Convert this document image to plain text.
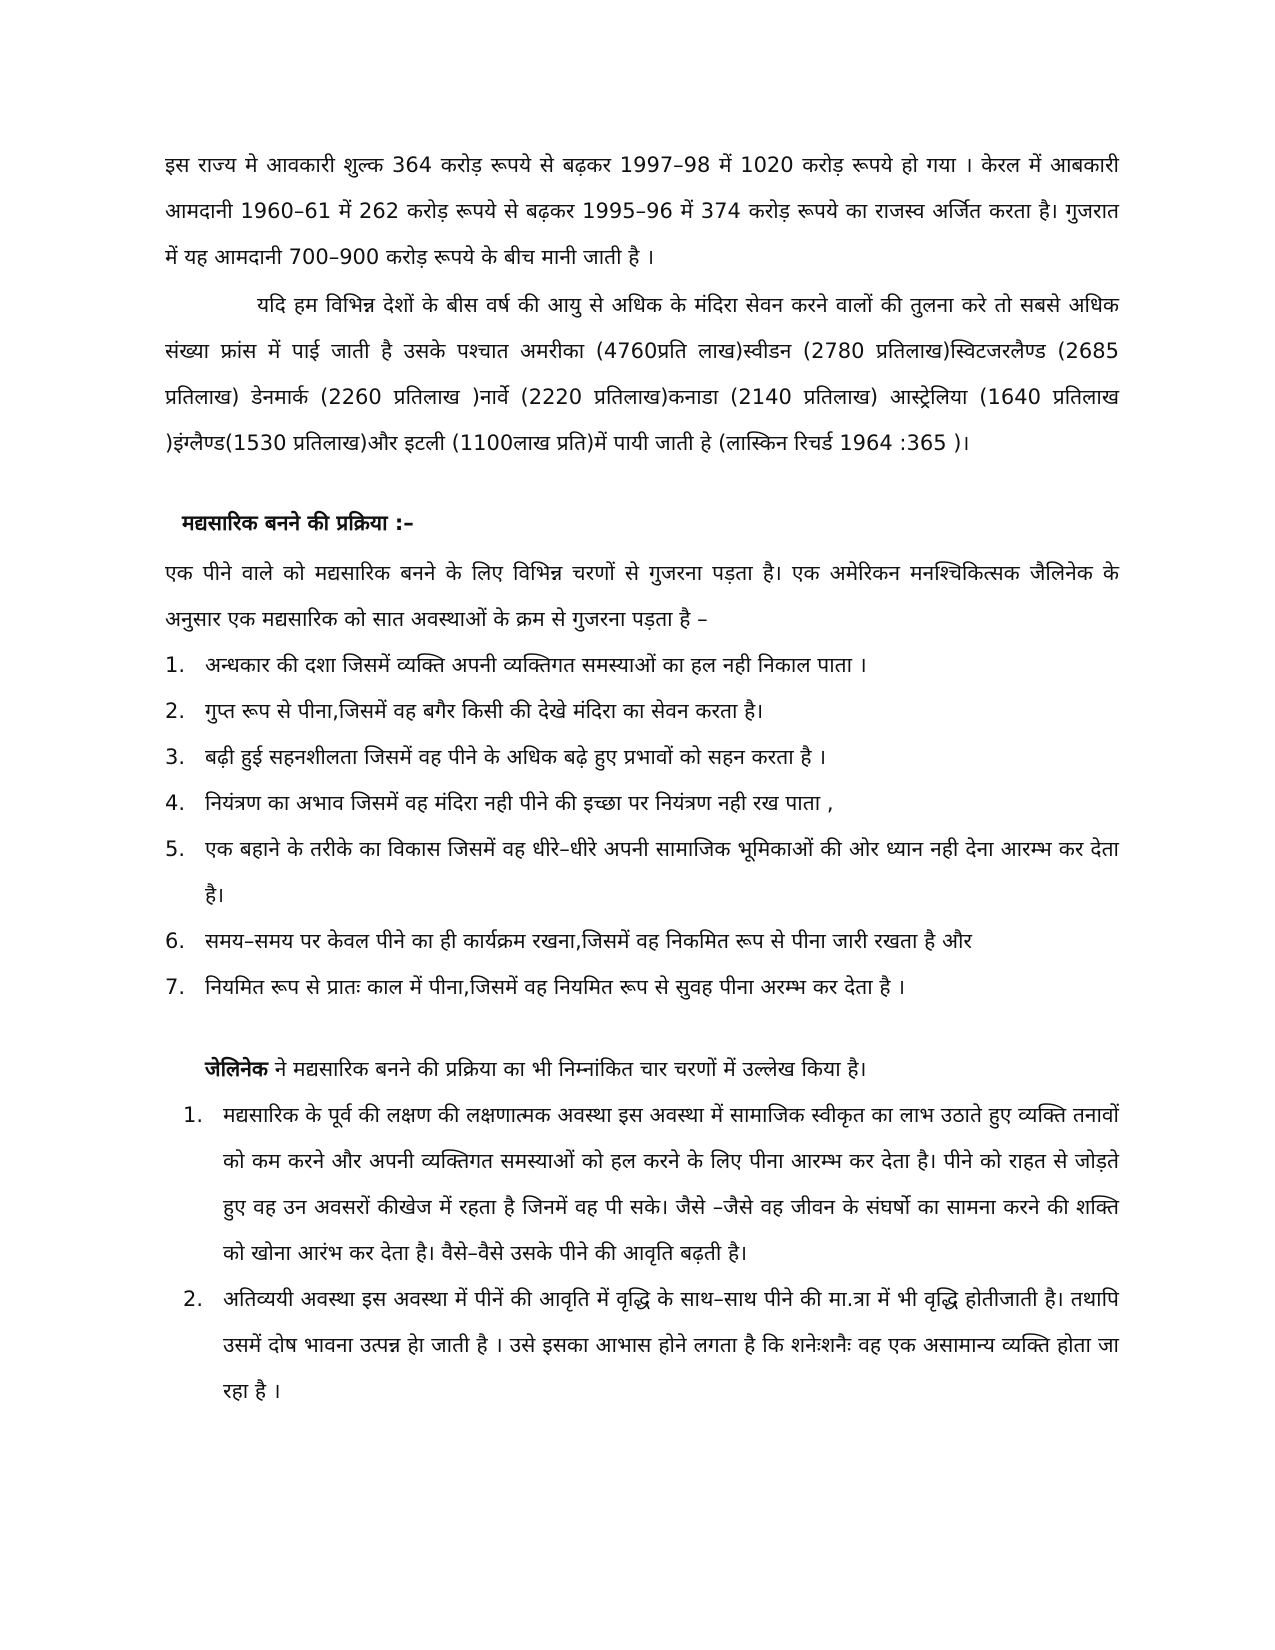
इस राज्य मे आवकारी शुल्क 364 करोड़ रूपये से बढ़कर 1997–98 में 1020 करोड़ रूपये हो गया । केरल में आबकारी आमदानी 1960–61 में 262 करोड़ रूपये से बढ़कर 1995–96 में 374 करोड़ रूपये का राजस्व अर्जित करता है। गुजरात में यह आमदानी 700–900 करोड़ रूपये के बीच मानी जाती है ।

यदि हम विभिन्न देशों के बीस वर्ष की आयु से अधिक के मंदिरा सेवन करने वालों की तुलना करे तो सबसे अधिक संख्या फ्रांस में पाई जाती है उसके पश्चात अमरीका (4760प्रति लाख)स्वीडन (2780 प्रतिलाख)स्विटजरलैण्ड (2685 प्रतिलाख) डेनमार्क (2260 प्रतिलाख )नार्वे (2220 प्रतिलाख)कनाडा (2140 प्रतिलाख) आस्ट्रेलिया (1640 प्रतिलाख )इंग्लैण्ड(1530 प्रतिलाख)और इटली (1100लाख प्रति)में पायी जाती हे (लास्किन रिचर्ड 1964 :365 )।

मद्यसारिक बनने की प्रक्रिया :–

एक पीने वाले को मद्यसारिक बनने के लिए विभिन्न चरणों से गुजरना पड़ता है। एक अमेरिकन मनश्चिकित्सक जैलिनेक के अनुसार एक मद्यसारिक को सात अवस्थाओं के क्रम से गुजरना पड़ता है –

1. अन्धकार की दशा जिसमें व्यक्ति अपनी व्यक्तिगत समस्याओं का हल नही निकाल पाता ।
2. गुप्त रूप से पीना,जिसमें वह बगैर किसी की देखे मंदिरा का सेवन करता है।
3. बढ़ी हुई सहनशीलता जिसमें वह पीने के अधिक बढ़े हुए प्रभावों को सहन करता है ।
4. नियंत्रण का अभाव जिसमें वह मंदिरा नही पीने की इच्छा पर नियंत्रण नही रख पाता ,
5. एक बहाने के तरीके का विकास जिसमें वह धीरे–धीरे अपनी सामाजिक भूमिकाओं की ओर ध्यान नही देना आरम्भ कर देता है।
6. समय–समय पर केवल पीने का ही कार्यक्रम रखना,जिसमें वह निकमित रूप से पीना जारी रखता है और
7. नियमित रूप से प्रातः काल में पीना,जिसमें वह नियमित रूप से सुवह पीना अरम्भ कर देता है ।

जेलिनेक ने मद्यसारिक बनने की प्रक्रिया का भी निम्नांकित चार चरणों में उल्लेख किया है।

1. मद्यसारिक के पूर्व की लक्षण की लक्षणात्मक अवस्था इस अवस्था में सामाजिक स्वीकृत का लाभ उठाते हुए व्यक्ति तनावों को कम करने और अपनी व्यक्तिगत समस्याओं को हल करने के लिए पीना आरम्भ कर देता है। पीने को राहत से जोड़ते हुए वह उन अवसरों कीखेज में रहता है जिनमें वह पी सके। जैसे –जैसे वह जीवन के संघर्षो का सामना करने की शक्ति को खोना आरंभ कर देता है। वैसे–वैसे उसके पीने की आवृति बढ़ती है।
2. अतिव्ययी अवस्था इस अवस्था में पीनें की आवृति में वृद्धि के साथ–साथ पीने की मा.त्रा में भी वृद्धि होतीजाती है। तथापि उसमें दोष भावना उत्पन्न हेा जाती है । उसे इसका आभास होने लगता है कि शनेःशनैः वह एक असामान्य व्यक्ति होता जा रहा है ।
